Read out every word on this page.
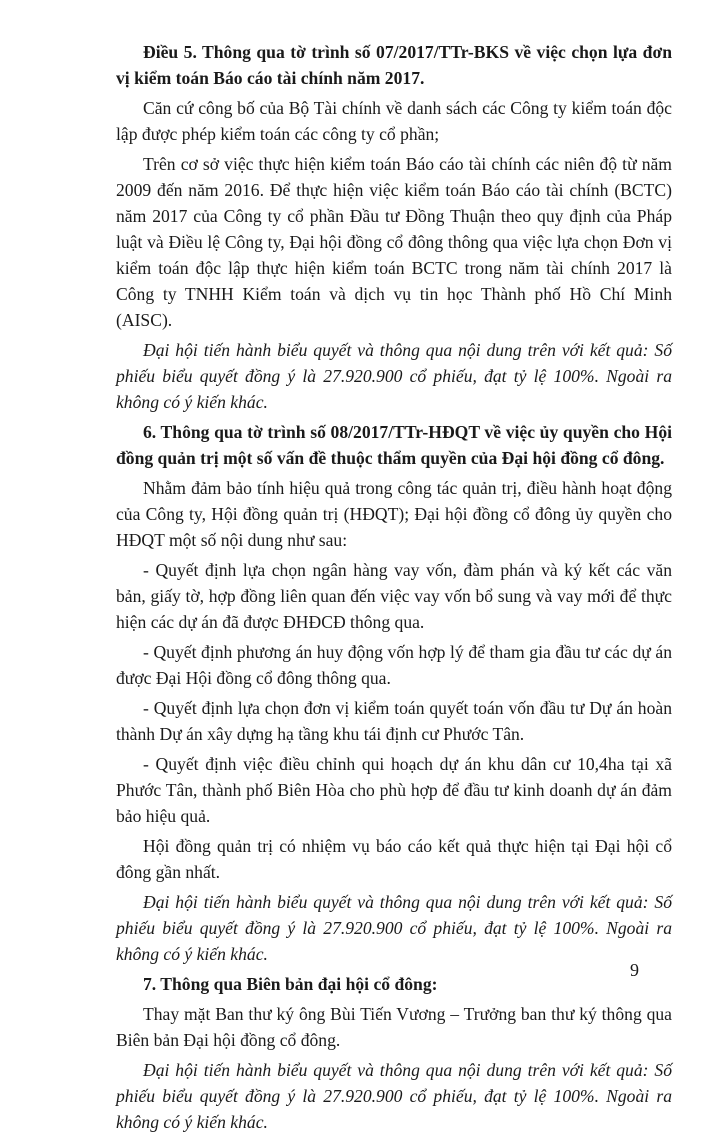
Điều 5. Thông qua tờ trình số 07/2017/TTr-BKS về việc chọn lựa đơn vị kiểm toán Báo cáo tài chính năm 2017.

Căn cứ công bố của Bộ Tài chính về danh sách các Công ty kiểm toán độc lập được phép kiểm toán các công ty cổ phần;

Trên cơ sở việc thực hiện kiểm toán Báo cáo tài chính các niên độ từ năm 2009 đến năm 2016. Để thực hiện việc kiểm toán Báo cáo tài chính (BCTC) năm 2017 của Công ty cổ phần Đầu tư Đồng Thuận theo quy định của Pháp luật và Điều lệ Công ty, Đại hội đồng cổ đông thông qua việc lựa chọn Đơn vị kiểm toán độc lập thực hiện kiểm toán BCTC trong năm tài chính 2017 là Công ty TNHH Kiểm toán và dịch vụ tin học Thành phố Hồ Chí Minh (AISC).

Đại hội tiến hành biểu quyết và thông qua nội dung trên với kết quả: Số phiếu biểu quyết đồng ý là 27.920.900 cổ phiếu, đạt tỷ lệ 100%. Ngoài ra không có ý kiến khác.

6. Thông qua tờ trình số 08/2017/TTr-HĐQT về việc ủy quyền cho Hội đồng quản trị một số vấn đề thuộc thẩm quyền của Đại hội đồng cổ đông.

Nhằm đảm bảo tính hiệu quả trong công tác quản trị, điều hành hoạt động của Công ty, Hội đồng quản trị (HĐQT); Đại hội đồng cổ đông ủy quyền cho HĐQT một số nội dung như sau:

- Quyết định lựa chọn ngân hàng vay vốn, đàm phán và ký kết các văn bản, giấy tờ, hợp đồng liên quan đến việc vay vốn bổ sung và vay mới để thực hiện các dự án đã được ĐHĐCĐ thông qua.

- Quyết định phương án huy động vốn hợp lý để tham gia đầu tư các dự án được Đại Hội đồng cổ đông thông qua.

- Quyết định lựa chọn đơn vị kiểm toán quyết toán vốn đầu tư Dự án hoàn thành Dự án xây dựng hạ tầng khu tái định cư Phước Tân.

- Quyết định việc điều chỉnh qui hoạch dự án khu dân cư 10,4ha tại xã Phước Tân, thành phố Biên Hòa cho phù hợp để đầu tư kinh doanh dự án đảm bảo hiệu quả.

Hội đồng quản trị có nhiệm vụ báo cáo kết quả thực hiện tại Đại hội cổ đông gần nhất.

Đại hội tiến hành biểu quyết và thông qua nội dung trên với kết quả: Số phiếu biểu quyết đồng ý là 27.920.900 cổ phiếu, đạt tỷ lệ 100%. Ngoài ra không có ý kiến khác.

7. Thông qua Biên bản đại hội cổ đông:

Thay mặt Ban thư ký ông Bùi Tiến Vương – Trưởng ban thư ký thông qua Biên bản Đại hội đồng cổ đông.

Đại hội tiến hành biểu quyết và thông qua nội dung trên với kết quả: Số phiếu biểu quyết đồng ý là 27.920.900 cổ phiếu, đạt tỷ lệ 100%. Ngoài ra không có ý kiến khác.

9
